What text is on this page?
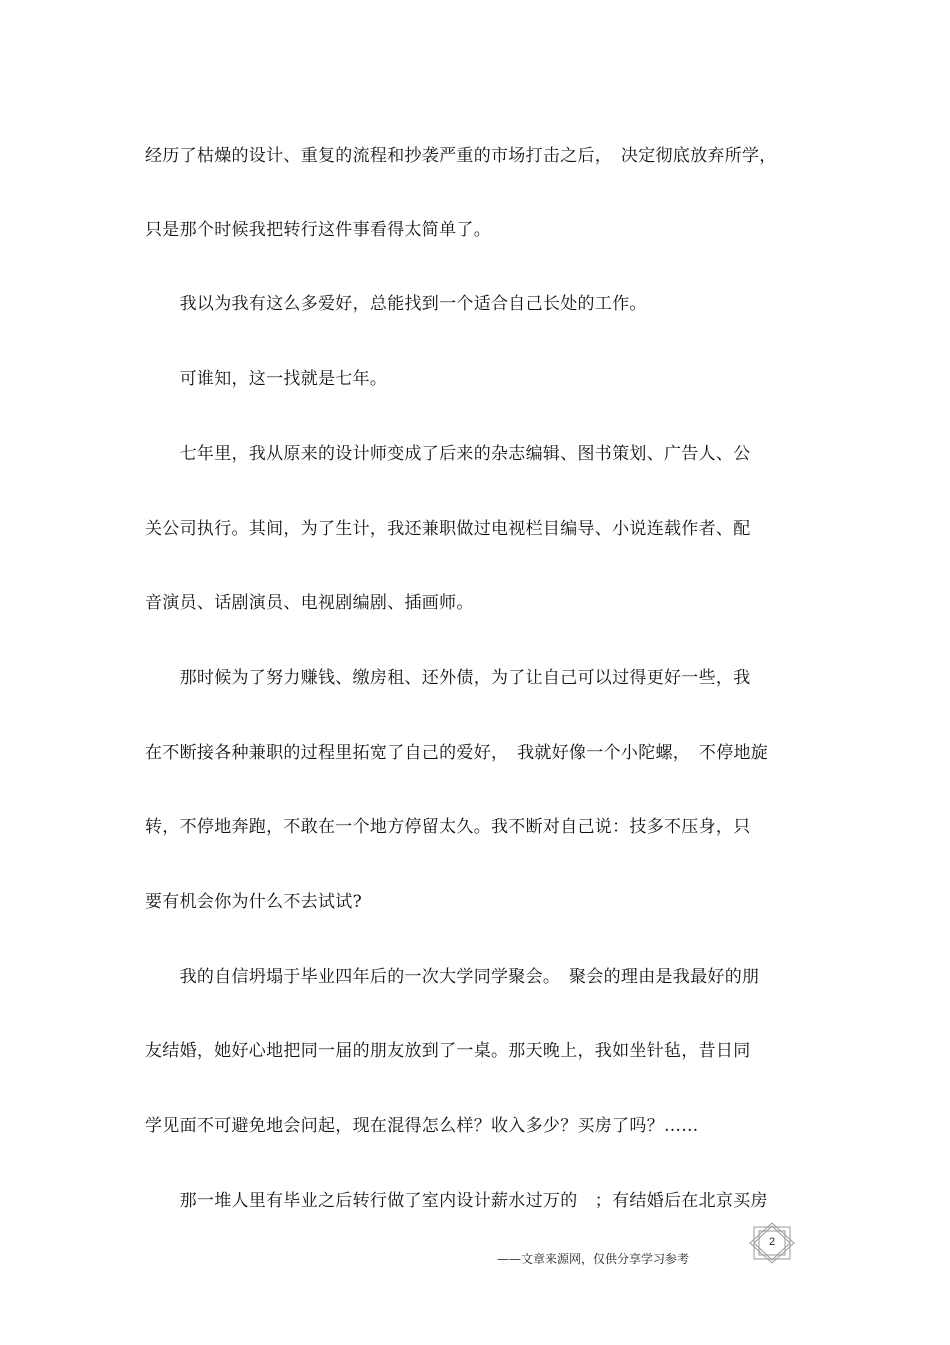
经历了枯燥的设计、重复的流程和抄袭严重的市场打击之后，　决定彻底放弃所学，
只是那个时候我把转行这件事看得太简单了。
　　我以为我有这么多爱好，总能找到一个适合自己长处的工作。
　　可谁知，这一找就是七年。
　　七年里，我从原来的设计师变成了后来的杂志编辑、图书策划、广告人、公
关公司执行。其间，为了生计，我还兼职做过电视栏目编导、小说连载作者、配
音演员、话剧演员、电视剧编剧、插画师。
　　那时候为了努力赚钱、缴房租、还外债，为了让自己可以过得更好一些，我
在不断接各种兼职的过程里拓宽了自己的爱好，　我就好像一个小陀螺，　不停地旋
转，不停地奔跑，不敢在一个地方停留太久。我不断对自己说：技多不压身，只
要有机会你为什么不去试试?
　　我的自信坍塌于毕业四年后的一次大学同学聚会。　聚会的理由是我最好的朋
友结婚，她好心地把同一届的朋友放到了一桌。那天晚上，我如坐针毡，昔日同
学见面不可避免地会问起，现在混得怎么样？收入多少？买房了吗？……
　　那一堆人里有毕业之后转行做了室内设计薪水过万的　；有结婚后在北京买房
——文章来源网，仅供分享学习参考
2
